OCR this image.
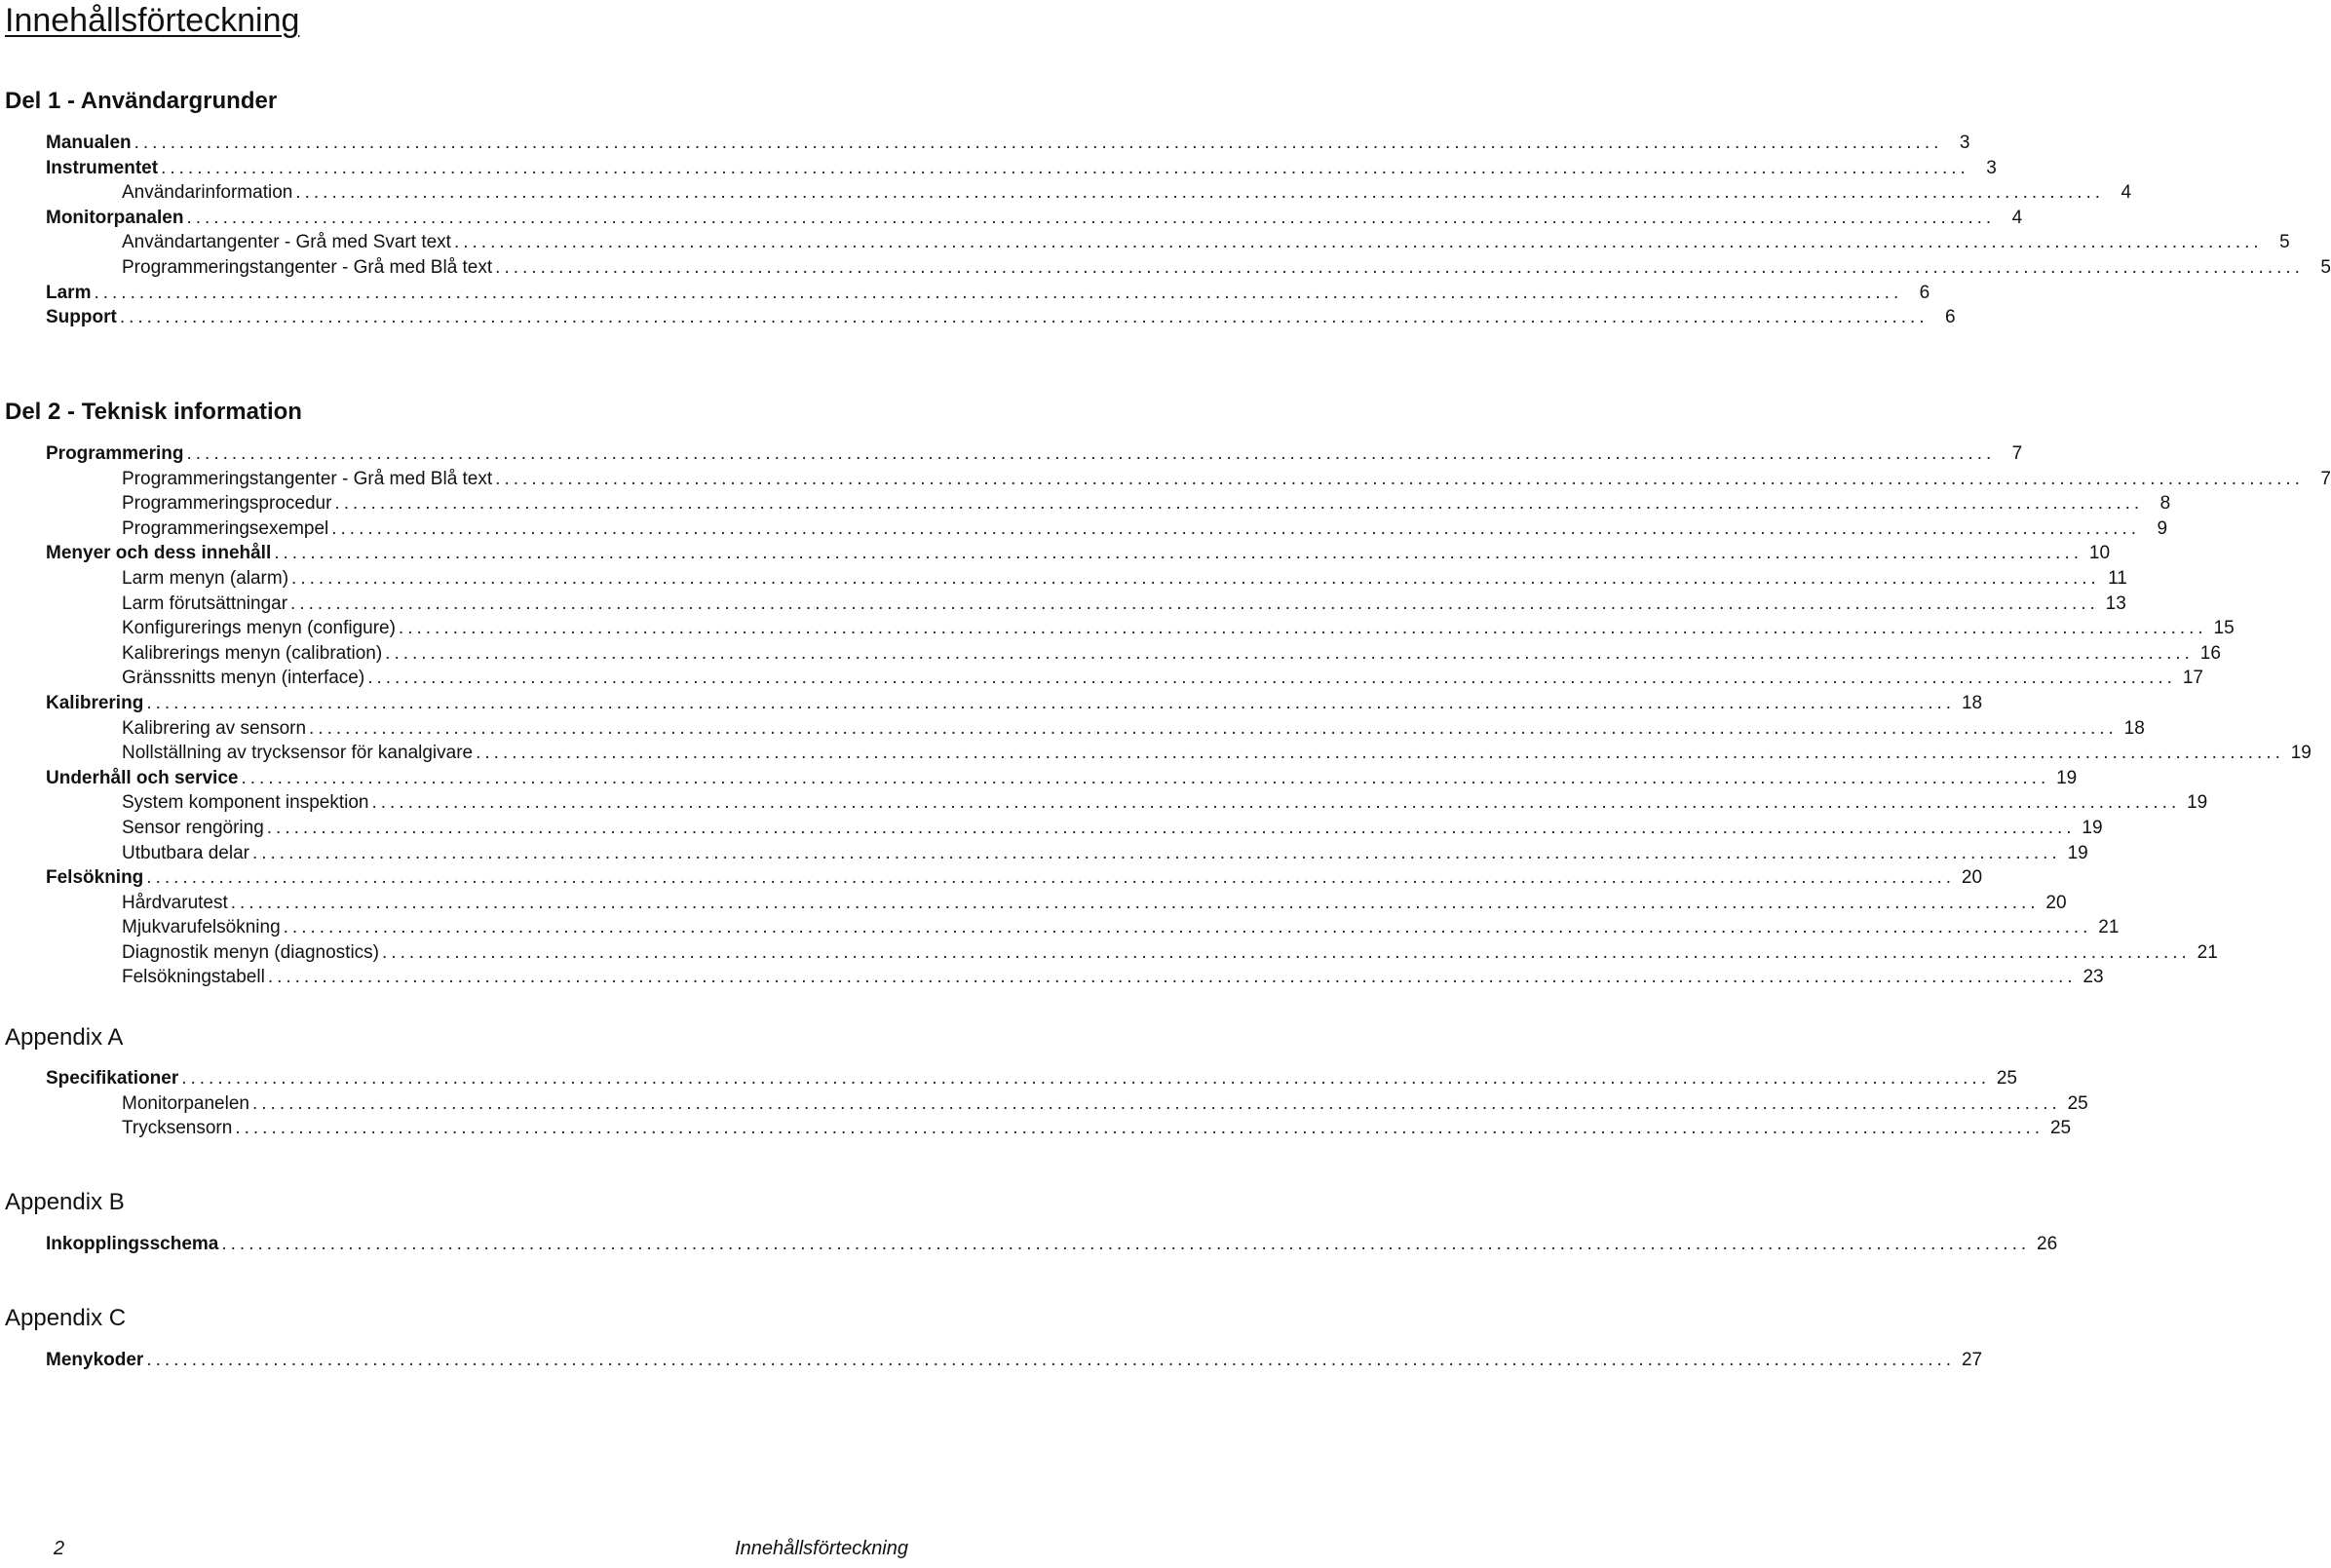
Innehållsförteckning
Del 1 - Användargrunder
Manualen ........................................................................................................................................................................................................ 3
Instrumentet ........................................................................................................................................................................................................ 3
Användarinformation ........................................................................................................................................................................................................ 4
Monitorpanalen ........................................................................................................................................................................................................ 4
Användartangenter - Grå med Svart text ........................................................................................................................................................................................................ 5
Programmeringstangenter - Grå med Blå text ........................................................................................................................................................................................................ 5
Larm ........................................................................................................................................................................................................ 6
Support ........................................................................................................................................................................................................ 6
Del 2 - Teknisk information
Programmering ........................................................................................................................................................................................................ 7
Programmeringstangenter - Grå med Blå text ........................................................................................................................................................................................................ 7
Programmeringsprocedur ........................................................................................................................................................................................................ 8
Programmeringsexempel ........................................................................................................................................................................................................ 9
Menyer och dess innehåll ........................................................................................................................................................................................................ 10
Larm menyn (alarm) ........................................................................................................................................................................................................ 11
Larm förutsättningar ........................................................................................................................................................................................................ 13
Konfigurerings menyn (configure) ........................................................................................................................................................................................................ 15
Kalibrerings menyn (calibration) ........................................................................................................................................................................................................ 16
Gränssnitts menyn (interface) ........................................................................................................................................................................................................ 17
Kalibrering ........................................................................................................................................................................................................ 18
Kalibrering av sensorn ........................................................................................................................................................................................................ 18
Nollställning av trycksensor för kanalgivare ........................................................................................................................................................................................................ 19
Underhåll och service ........................................................................................................................................................................................................ 19
System komponent inspektion ........................................................................................................................................................................................................ 19
Sensor rengöring ........................................................................................................................................................................................................ 19
Utbutbara delar ........................................................................................................................................................................................................ 19
Felsökning ........................................................................................................................................................................................................ 20
Hårdvarutest ........................................................................................................................................................................................................ 20
Mjukvarufelsökning ........................................................................................................................................................................................................ 21
Diagnostik menyn (diagnostics) ........................................................................................................................................................................................................ 21
Felsökningstabell ........................................................................................................................................................................................................ 23
Appendix A
Specifikationer ........................................................................................................................................................................................................ 25
Monitorpanelen ........................................................................................................................................................................................................ 25
Trycksensorn ........................................................................................................................................................................................................ 25
Appendix B
Inkopplingsschema ........................................................................................................................................................................................................ 26
Appendix C
Menykoder ........................................................................................................................................................................................................ 27

2	Innehållsförteckning
